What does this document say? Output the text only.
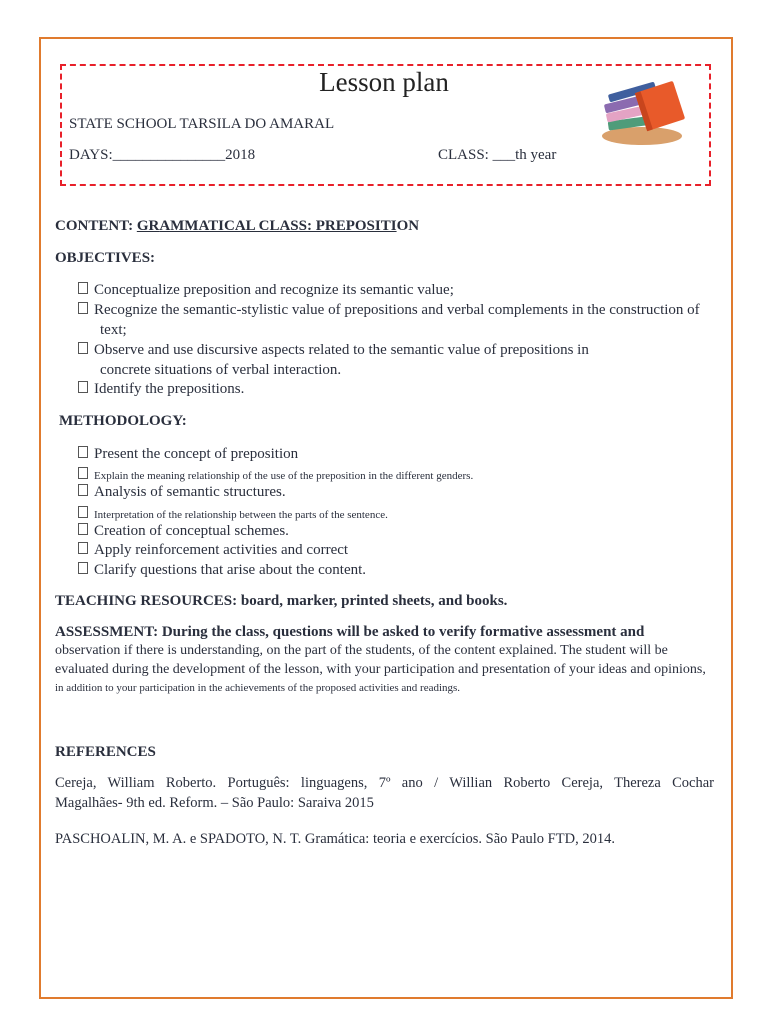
Lesson plan
STATE SCHOOL TARSILA DO AMARAL
DAYS:_______________2018	CLASS: ___th year
CONTENT: GRAMMATICAL CLASS: PREPOSITION
OBJECTIVES:
Conceptualize preposition and recognize its semantic value;
Recognize the semantic-stylistic value of prepositions and verbal complements in the construction of
text;
Observe and use discursive aspects related to the semantic value of prepositions in
concrete situations of verbal interaction.
Identify the prepositions.
METHODOLOGY:
Present the concept of preposition
Explain the meaning relationship of the use of the preposition in the different genders.
Analysis of semantic structures.
Interpretation of the relationship between the parts of the sentence.
Creation of conceptual schemes.
Apply reinforcement activities and correct
Clarify questions that arise about the content.
TEACHING RESOURCES: board, marker, printed sheets, and books.
ASSESSMENT: During the class, questions will be asked to verify formative assessment and
observation if there is understanding, on the part of the students, of the content explained. The student will be
evaluated during the development of the lesson, with your participation and presentation of your ideas and opinions,
in addition to your participation in the achievements of the proposed activities and readings.
REFERENCES
Cereja, William Roberto. Português: linguagens, 7º ano / Willian Roberto Cereja, Thereza Cochar
Magalhães- 9th ed. Reform. – São Paulo: Saraiva 2015
PASCHOALIN, M. A. e SPADOTO, N. T. Gramática: teoria e exercícios. São Paulo FTD, 2014.
